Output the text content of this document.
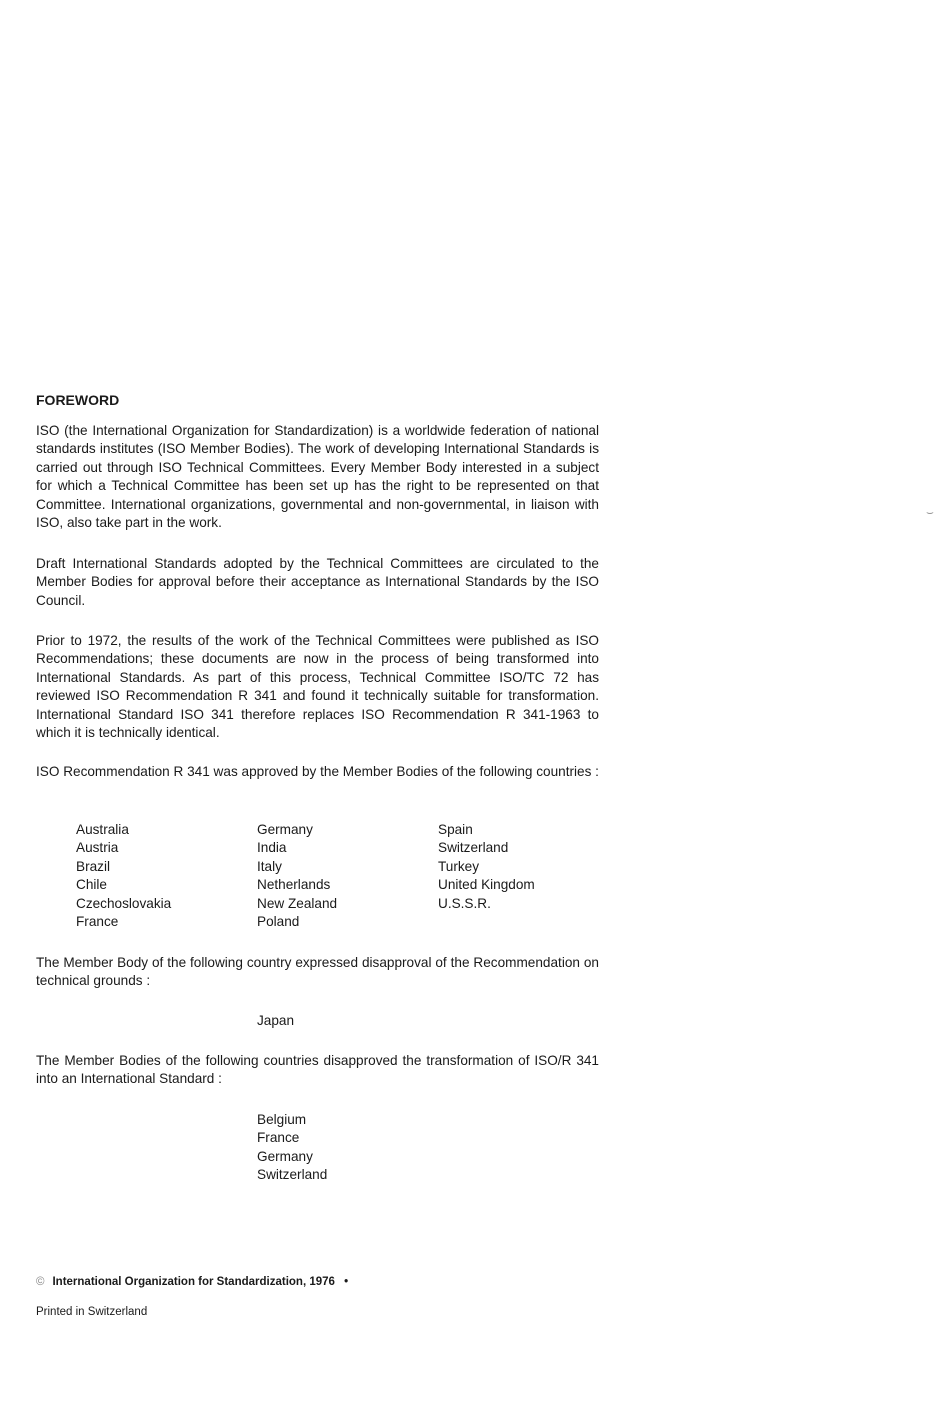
FOREWORD
ISO (the International Organization for Standardization) is a worldwide federation of national standards institutes (ISO Member Bodies). The work of developing International Standards is carried out through ISO Technical Committees. Every Member Body interested in a subject for which a Technical Committee has been set up has the right to be represented on that Committee. International organizations, governmental and non-governmental, in liaison with ISO, also take part in the work.
Draft International Standards adopted by the Technical Committees are circulated to the Member Bodies for approval before their acceptance as International Standards by the ISO Council.
Prior to 1972, the results of the work of the Technical Committees were published as ISO Recommendations; these documents are now in the process of being transformed into International Standards. As part of this process, Technical Committee ISO/TC 72 has reviewed ISO Recommendation R 341 and found it technically suitable for transformation. International Standard ISO 341 therefore replaces ISO Recommendation R 341-1963 to which it is technically identical.
ISO Recommendation R 341 was approved by the Member Bodies of the following countries :
Australia
Austria
Brazil
Chile
Czechoslovakia
France
Germany
India
Italy
Netherlands
New Zealand
Poland
Spain
Switzerland
Turkey
United Kingdom
U.S.S.R.
The Member Body of the following country expressed disapproval of the Recommendation on technical grounds :
Japan
The Member Bodies of the following countries disapproved the transformation of ISO/R 341 into an International Standard :
Belgium
France
Germany
Switzerland
© International Organization for Standardization, 1976 •
Printed in Switzerland
⌣
